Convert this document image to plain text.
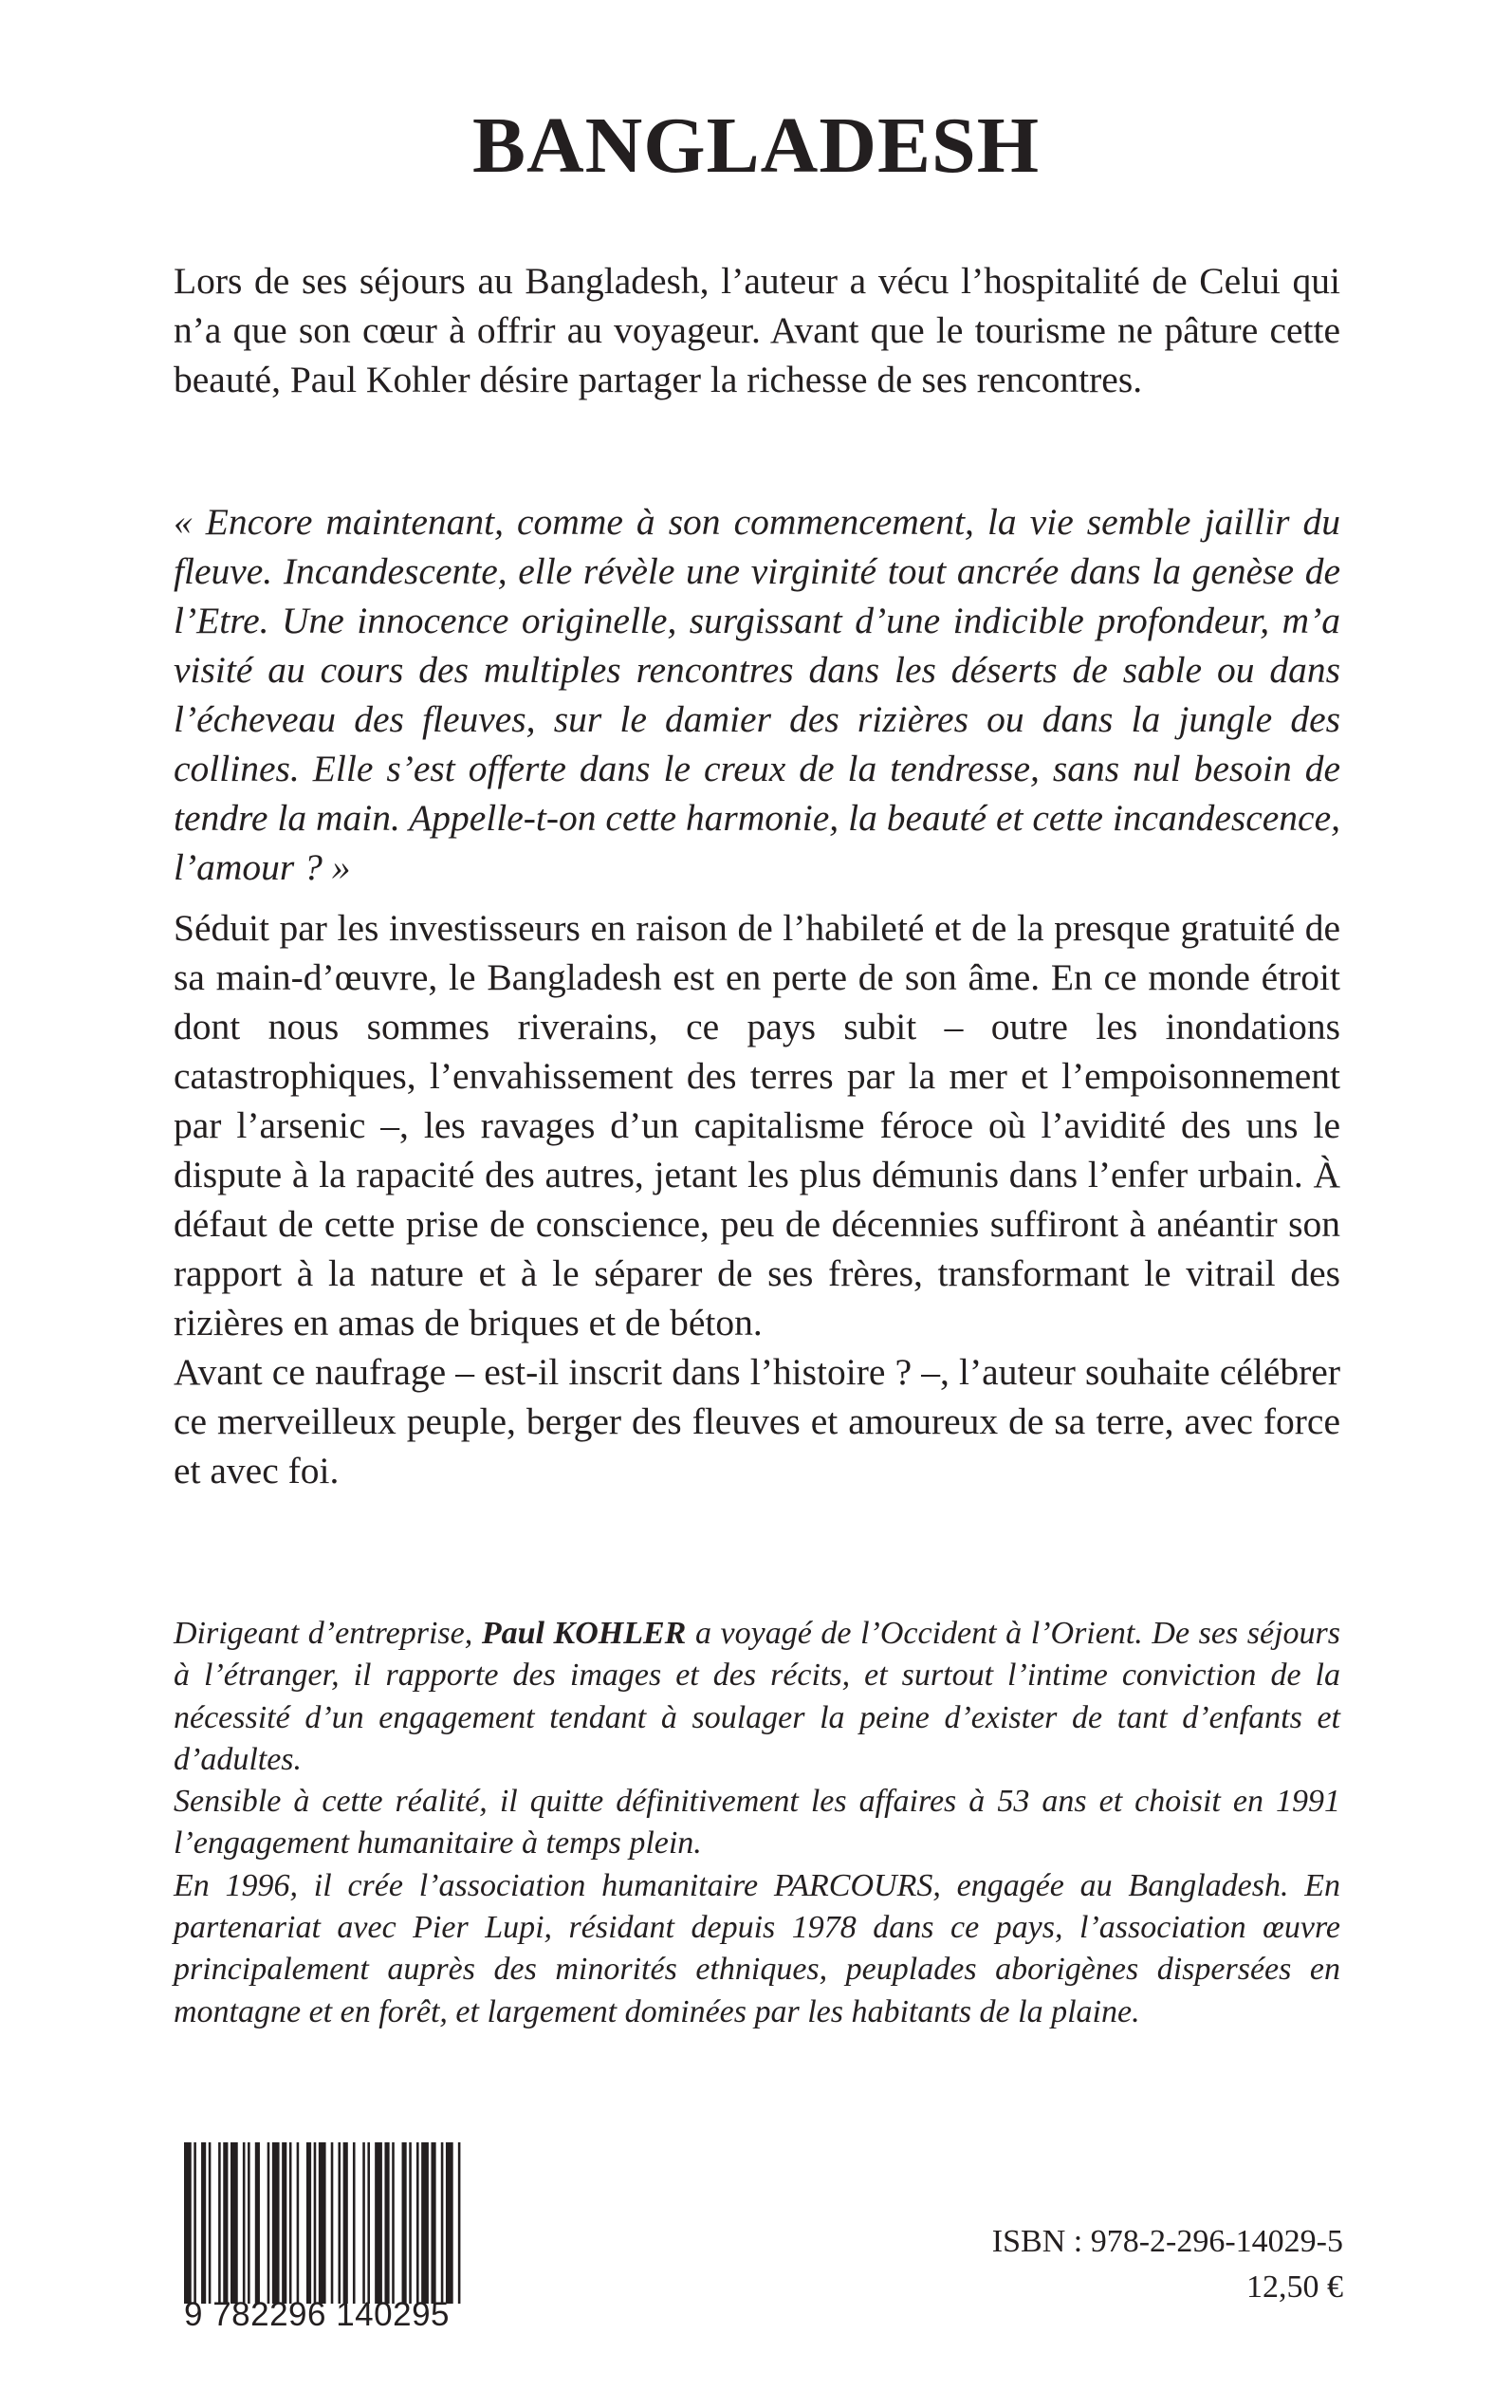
BANGLADESH

Lors de ses séjours au Bangladesh, l’auteur a vécu l’hospitalité de Celui qui n’a que son cœur à offrir au voyageur. Avant que le tourisme ne pâture cette beauté, Paul Kohler désire partager la richesse de ses rencontres.

« Encore maintenant, comme à son commencement, la vie semble jaillir du fleuve. Incandescente, elle révèle une virginité tout ancrée dans la genèse de l’Etre. Une innocence originelle, surgissant d’une indicible profondeur, m’a visité au cours des multiples rencontres dans les déserts de sable ou dans l’écheveau des fleuves, sur le damier des rizières ou dans la jungle des collines. Elle s’est offerte dans le creux de la tendresse, sans nul besoin de tendre la main. Appelle-t-on cette harmonie, la beauté et cette incandescence, l’amour ? »

Séduit par les investisseurs en raison de l’habileté et de la presque gratuité de sa main-d’œuvre, le Bangladesh est en perte de son âme. En ce monde étroit dont nous sommes riverains, ce pays subit – outre les inondations catastrophiques, l’envahissement des terres par la mer et l’empoisonnement par l’arsenic –, les ravages d’un capitalisme féroce où l’avidité des uns le dispute à la rapacité des autres, jetant les plus démunis dans l’enfer urbain. À défaut de cette prise de conscience, peu de décennies suffiront à anéantir son rapport à la nature et à le séparer de ses frères, transformant le vitrail des rizières en amas de briques et de béton.

Avant ce naufrage – est-il inscrit dans l’histoire ? –, l’auteur souhaite célébrer ce merveilleux peuple, berger des fleuves et amoureux de sa terre, avec force et avec foi.

Dirigeant d’entreprise, Paul KOHLER a voyagé de l’Occident à l’Orient. De ses séjours à l’étranger, il rapporte des images et des récits, et surtout l’intime conviction de la nécessité d’un engagement tendant à soulager la peine d’exister de tant d’enfants et d’adultes.

Sensible à cette réalité, il quitte définitivement les affaires à 53 ans et choisit en 1991 l’engagement humanitaire à temps plein.

En 1996, il crée l’association humanitaire PARCOURS, engagée au Bangladesh. En partenariat avec Pier Lupi, résidant depuis 1978 dans ce pays, l’association œuvre principalement auprès des minorités ethniques, peuplades aborigènes dispersées en montagne et en forêt, et largement dominées par les habitants de la plaine.

9 782296 140295
ISBN : 978-2-296-14029-5
12,50 €
